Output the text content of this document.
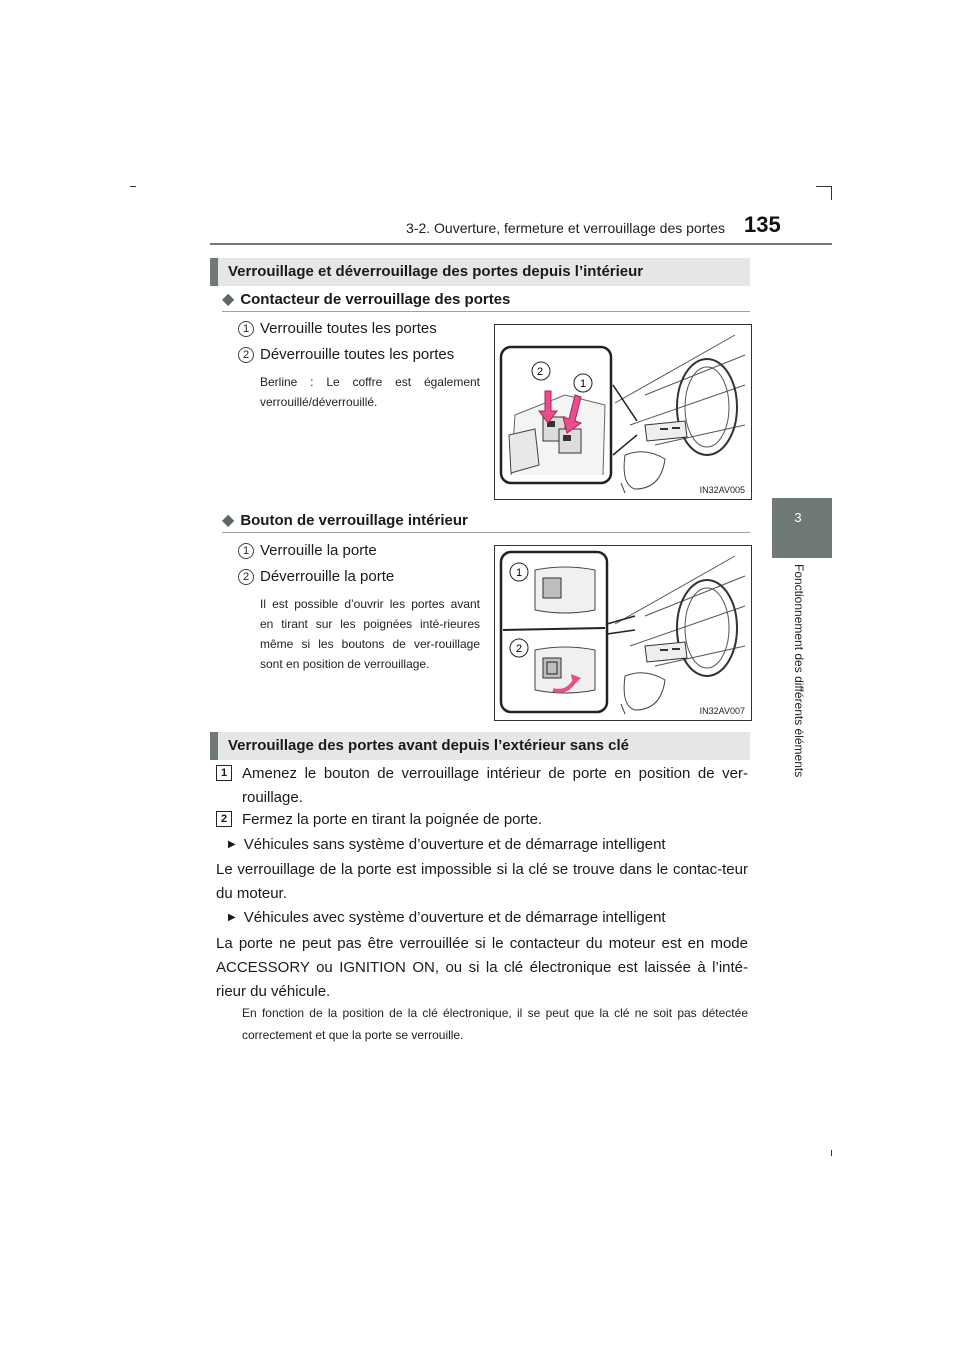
3-2. Ouverture, fermeture et verrouillage des portes 135
3
Fonctionnement des différents éléments
Verrouillage et déverrouillage des portes depuis l’intérieur
◆ Contacteur de verrouillage des portes
1 Verrouille toutes les portes
2 Déverrouille toutes les portes
Berline : Le coffre est également verrouillé/déverrouillé.
2
1
IN32AV005
◆ Bouton de verrouillage intérieur
1 Verrouille la porte
2 Déverrouille la porte
Il est possible d’ouvrir les portes avant en tirant sur les poignées inté-rieures même si les boutons de ver-rouillage sont en position de verrouillage.
1
2
IN32AV007
Verrouillage des portes avant depuis l’extérieur sans clé
1 Amenez le bouton de verrouillage intérieur de porte en position de ver-rouillage.
2 Fermez la porte en tirant la poignée de porte.
▶ Véhicules sans système d’ouverture et de démarrage intelligent
Le verrouillage de la porte est impossible si la clé se trouve dans le contac-teur du moteur.
▶ Véhicules avec système d’ouverture et de démarrage intelligent
La porte ne peut pas être verrouillée si le contacteur du moteur est en mode ACCESSORY ou IGNITION ON, ou si la clé électronique est laissée à l’inté-rieur du véhicule.
En fonction de la position de la clé électronique, il se peut que la clé ne soit pas détectée correctement et que la porte se verrouille.
